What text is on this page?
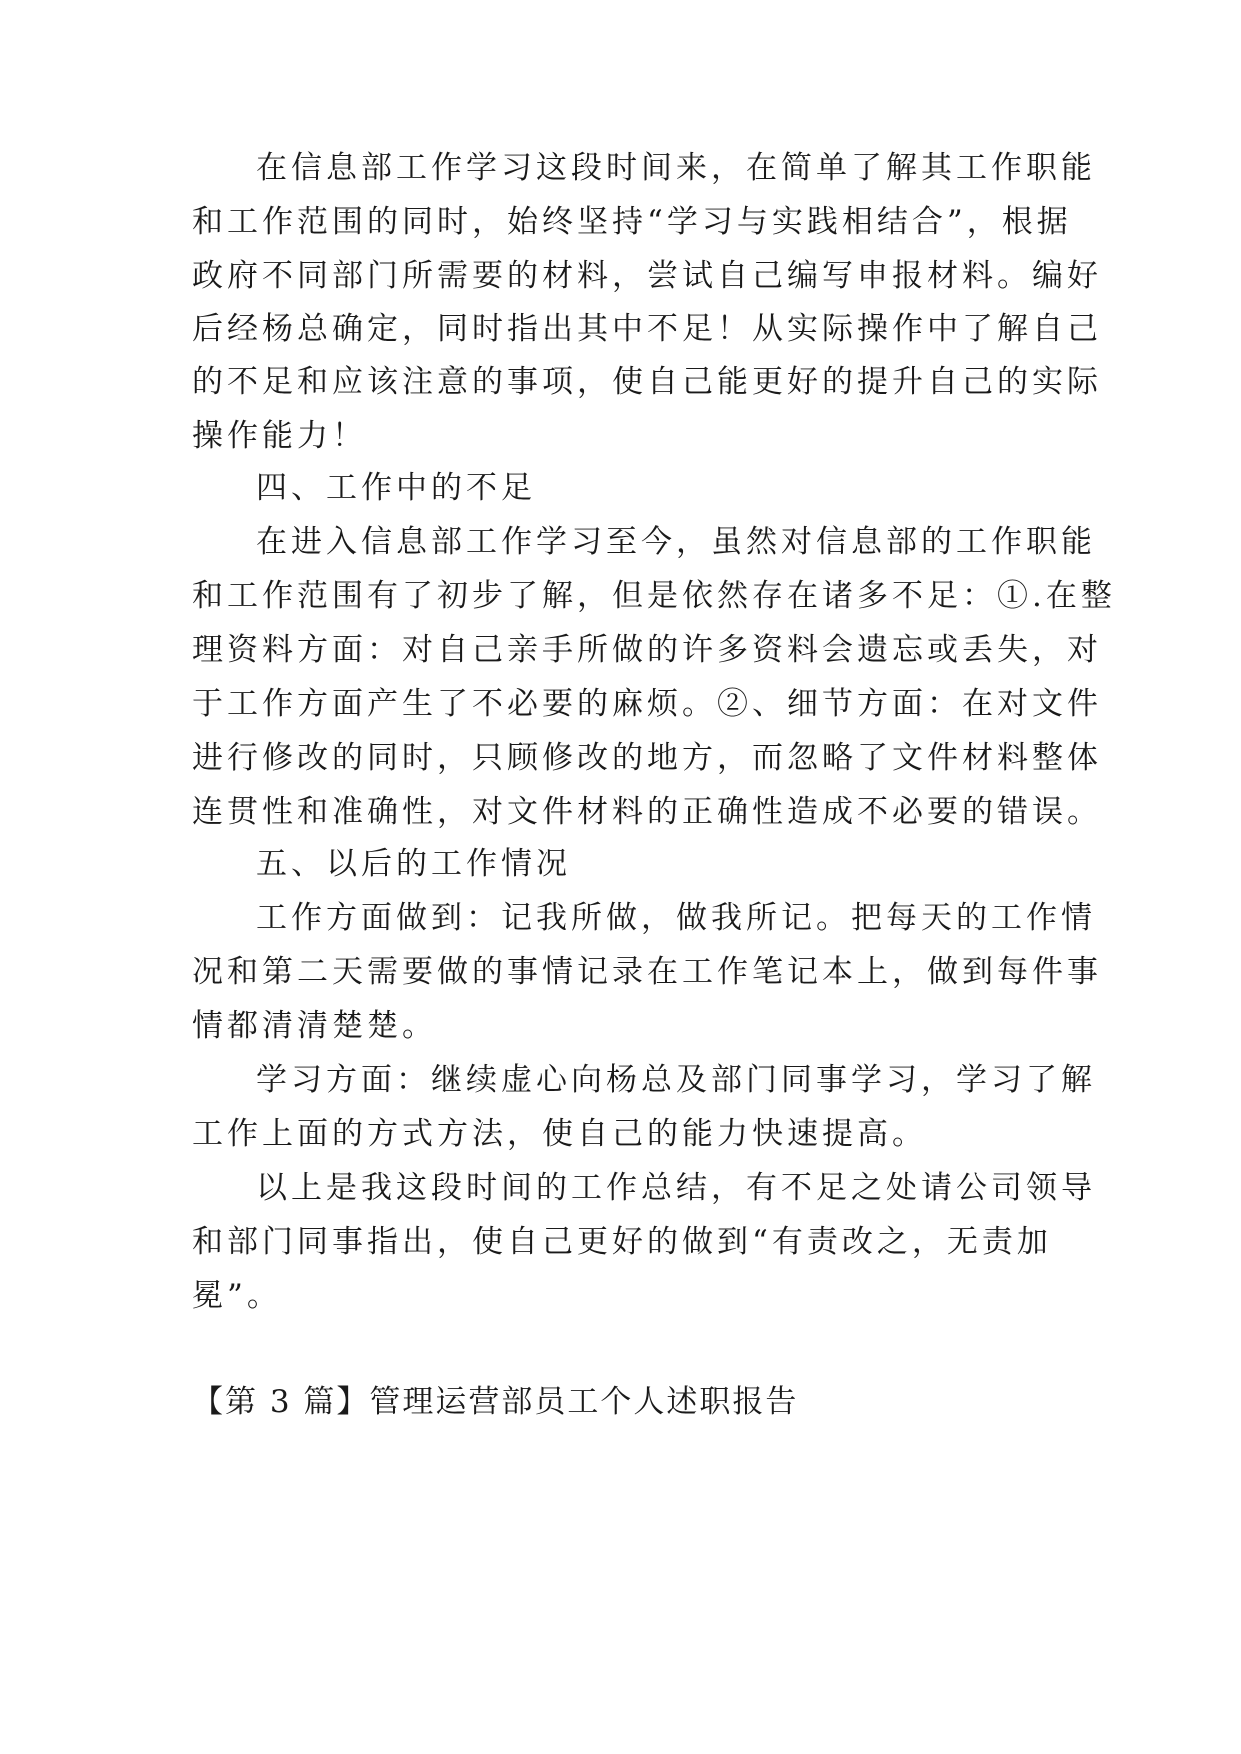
在信息部工作学习这段时间来，在简单了解其工作职能
和工作范围的同时，始终坚持“学习与实践相结合”，根据
政府不同部门所需要的材料，尝试自己编写申报材料。编好
后经杨总确定，同时指出其中不足！从实际操作中了解自己
的不足和应该注意的事项，使自己能更好的提升自己的实际
操作能力！
四、工作中的不足
在进入信息部工作学习至今，虽然对信息部的工作职能
和工作范围有了初步了解，但是依然存在诸多不足：①.在整
理资料方面：对自己亲手所做的许多资料会遗忘或丢失，对
于工作方面产生了不必要的麻烦。②、细节方面：在对文件
进行修改的同时，只顾修改的地方，而忽略了文件材料整体
连贯性和准确性，对文件材料的正确性造成不必要的错误。
五、以后的工作情况
工作方面做到：记我所做，做我所记。把每天的工作情
况和第二天需要做的事情记录在工作笔记本上，做到每件事
情都清清楚楚。
学习方面：继续虚心向杨总及部门同事学习，学习了解
工作上面的方式方法，使自己的能力快速提高。
以上是我这段时间的工作总结，有不足之处请公司领导
和部门同事指出，使自己更好的做到“有责改之，无责加
冕”。
【第 3 篇】管理运营部员工个人述职报告
